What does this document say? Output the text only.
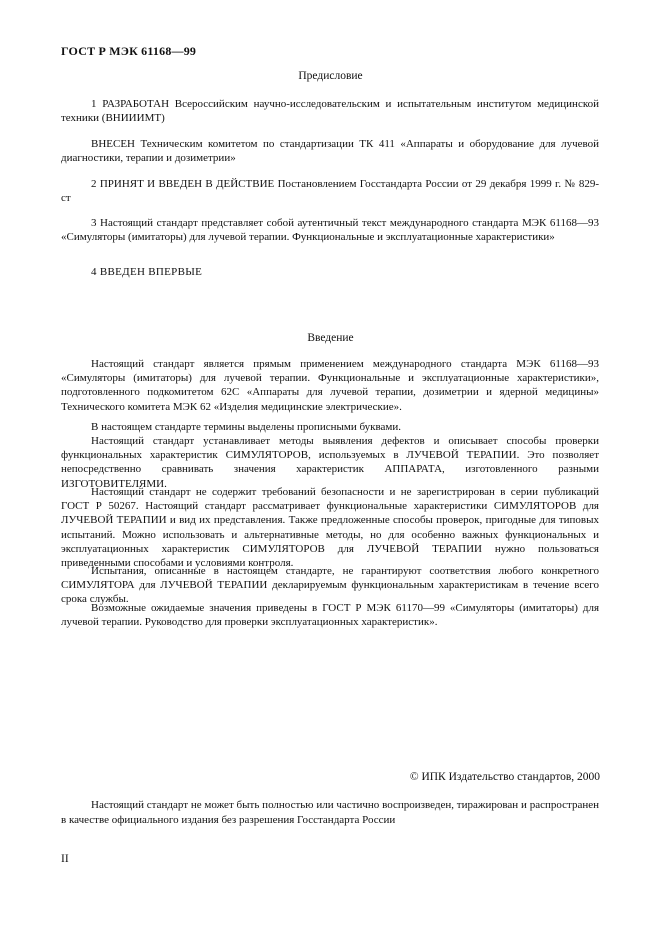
ГОСТ Р МЭК 61168—99
Предисловие
1 РАЗРАБОТАН Всероссийским научно-исследовательским и испытательным институтом медицинской техники (ВНИИИМТ)
ВНЕСЕН Техническим комитетом по стандартизации ТК 411 «Аппараты и оборудование для лучевой диагностики, терапии и дозиметрии»
2 ПРИНЯТ И ВВЕДЕН В ДЕЙСТВИЕ Постановлением Госстандарта России от 29 декабря 1999 г. № 829-ст
3 Настоящий стандарт представляет собой аутентичный текст международного стандарта МЭК 61168—93 «Симуляторы (имитаторы) для лучевой терапии. Функциональные и эксплуатационные характеристики»
4 ВВЕДЕН ВПЕРВЫЕ
Введение
Настоящий стандарт является прямым применением международного стандарта МЭК 61168—93 «Симуляторы (имитаторы) для лучевой терапии. Функциональные и эксплуатационные характеристики», подготовленного подкомитетом 62С «Аппараты для лучевой терапии, дозиметрии и ядерной медицины» Технического комитета МЭК 62 «Изделия медицинские электрические».
В настоящем стандарте термины выделены прописными буквами.
Настоящий стандарт устанавливает методы выявления дефектов и описывает способы проверки функциональных характеристик СИМУЛЯТОРОВ, используемых в ЛУЧЕВОЙ ТЕРАПИИ. Это позволяет непосредственно сравнивать значения характеристик АППАРАТА, изготовленного разными ИЗГОТОВИТЕЛЯМИ.
Настоящий стандарт не содержит требований безопасности и не зарегистрирован в серии публикаций ГОСТ Р 50267. Настоящий стандарт рассматривает функциональные характеристики СИМУЛЯТОРОВ для ЛУЧЕВОЙ ТЕРАПИИ и вид их представления. Также предложенные способы проверок, пригодные для типовых испытаний. Можно использовать и альтернативные методы, но для особенно важных функциональных и эксплуатационных характеристик СИМУЛЯТОРОВ для ЛУЧЕВОЙ ТЕРАПИИ нужно пользоваться приведенными способами и условиями контроля.
Испытания, описанные в настоящем стандарте, не гарантируют соответствия любого конкретного СИМУЛЯТОРА для ЛУЧЕВОЙ ТЕРАПИИ декларируемым функциональным характеристикам в течение всего срока службы.
Возможные ожидаемые значения приведены в ГОСТ Р МЭК 61170—99 «Симуляторы (имитаторы) для лучевой терапии. Руководство для проверки эксплуатационных характеристик».
© ИПК Издательство стандартов, 2000
Настоящий стандарт не может быть полностью или частично воспроизведен, тиражирован и распространен в качестве официального издания без разрешения Госстандарта России
II
